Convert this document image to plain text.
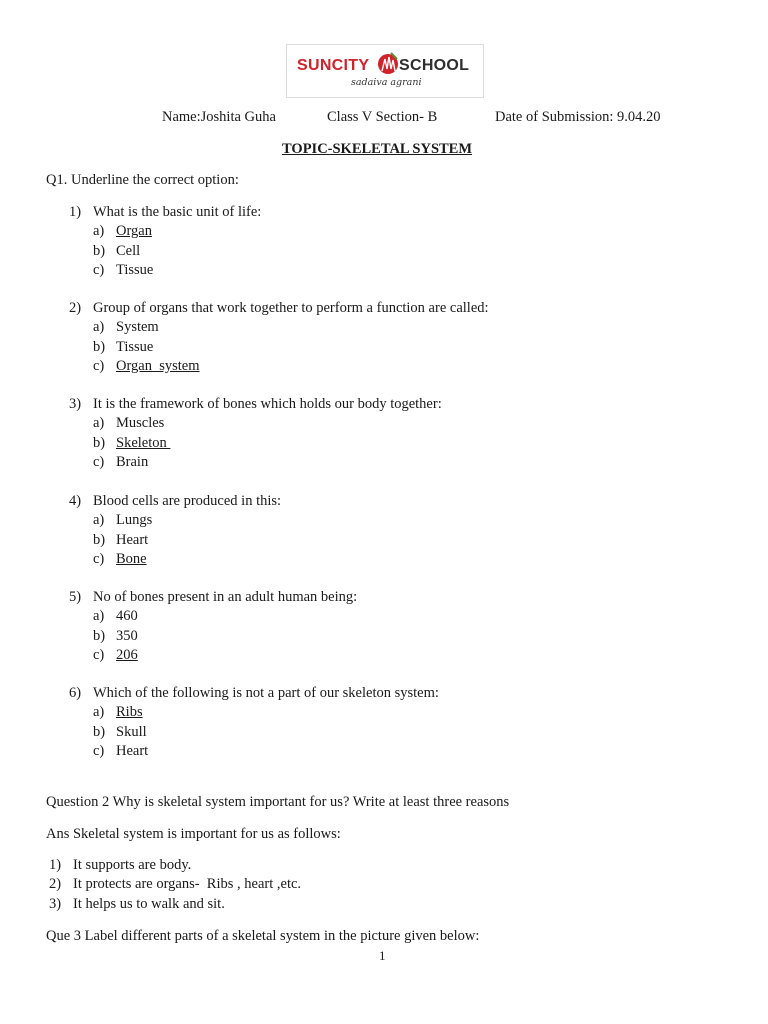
SUNCITY SCHOOL
sadaiva agrani
Name:Joshita Guha	Class V Section- B	Date of Submission: 9.04.20
TOPIC-SKELETAL SYSTEM
Q1. Underline the correct option:
1) What is the basic unit of life:
a) Organ
b) Cell
c) Tissue
2) Group of organs that work together to perform a function are called:
a) System
b) Tissue
c) Organ  system
3) It is the framework of bones which holds our body together:
a) Muscles
b) Skeleton
c) Brain
4) Blood cells are produced in this:
a) Lungs
b) Heart
c) Bone
5) No of bones present in an adult human being:
a) 460
b) 350
c) 206
6) Which of the following is not a part of our skeleton system:
a) Ribs
b) Skull
c) Heart
Question 2 Why is skeletal system important for us? Write at least three reasons
Ans Skeletal system is important for us as follows:
1) It supports are body.
2) It protects are organs-  Ribs , heart ,etc.
3) It helps us to walk and sit.
Que 3 Label different parts of a skeletal system in the picture given below:
1
